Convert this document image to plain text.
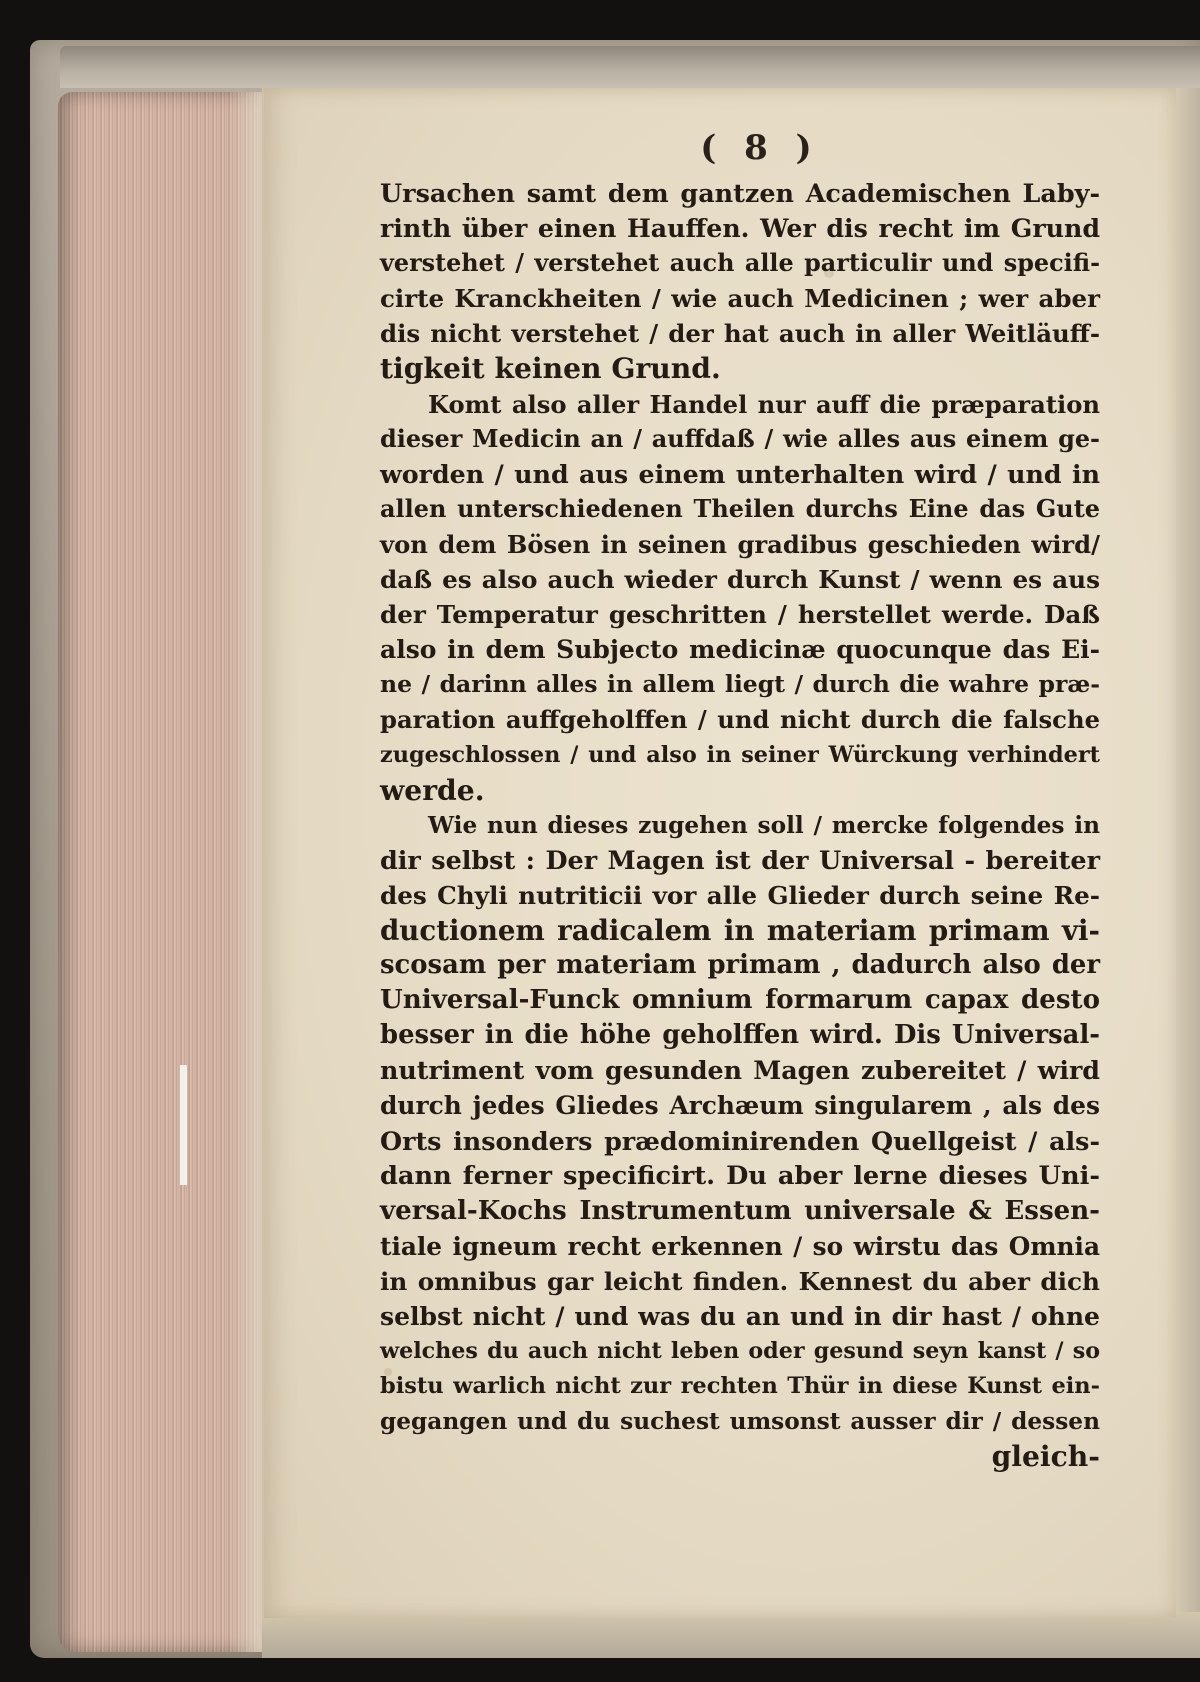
( 8 )
Ursachen samt dem gantzen Academischen Laby-
rinth über einen Hauffen. Wer dis recht im Grund
verstehet / verstehet auch alle particulir und specifi-
cirte Kranckheiten / wie auch Medicinen ; wer aber
dis nicht verstehet / der hat auch in aller Weitläuff-
tigkeit keinen Grund.
Komt also aller Handel nur auff die præparation
dieser Medicin an / auffdaß / wie alles aus einem ge-
worden / und aus einem unterhalten wird / und in
allen unterschiedenen Theilen durchs Eine das Gute
von dem Bösen in seinen gradibus geschieden wird/
daß es also auch wieder durch Kunst / wenn es aus
der Temperatur geschritten / herstellet werde. Daß
also in dem Subjecto medicinæ quocunque das Ei-
ne / darinn alles in allem liegt / durch die wahre præ-
paration auffgeholffen / und nicht durch die falsche
zugeschlossen / und also in seiner Würckung verhindert
werde.
Wie nun dieses zugehen soll / mercke folgendes in
dir selbst : Der Magen ist der Universal - bereiter
des Chyli nutriticii vor alle Glieder durch seine Re-
ductionem radicalem in materiam primam vi-
scosam per materiam primam , dadurch also der
Universal-Funck omnium formarum capax desto
besser in die höhe geholffen wird. Dis Universal-
nutriment vom gesunden Magen zubereitet / wird
durch jedes Gliedes Archæum singularem , als des
Orts insonders prædominirenden Quellgeist / als-
dann ferner specificirt. Du aber lerne dieses Uni-
versal-Kochs Instrumentum universale & Essen-
tiale igneum recht erkennen / so wirstu das Omnia
in omnibus gar leicht finden. Kennest du aber dich
selbst nicht / und was du an und in dir hast / ohne
welches du auch nicht leben oder gesund seyn kanst / so
bistu warlich nicht zur rechten Thür in diese Kunst ein-
gegangen und du suchest umsonst ausser dir / dessen
gleich-
